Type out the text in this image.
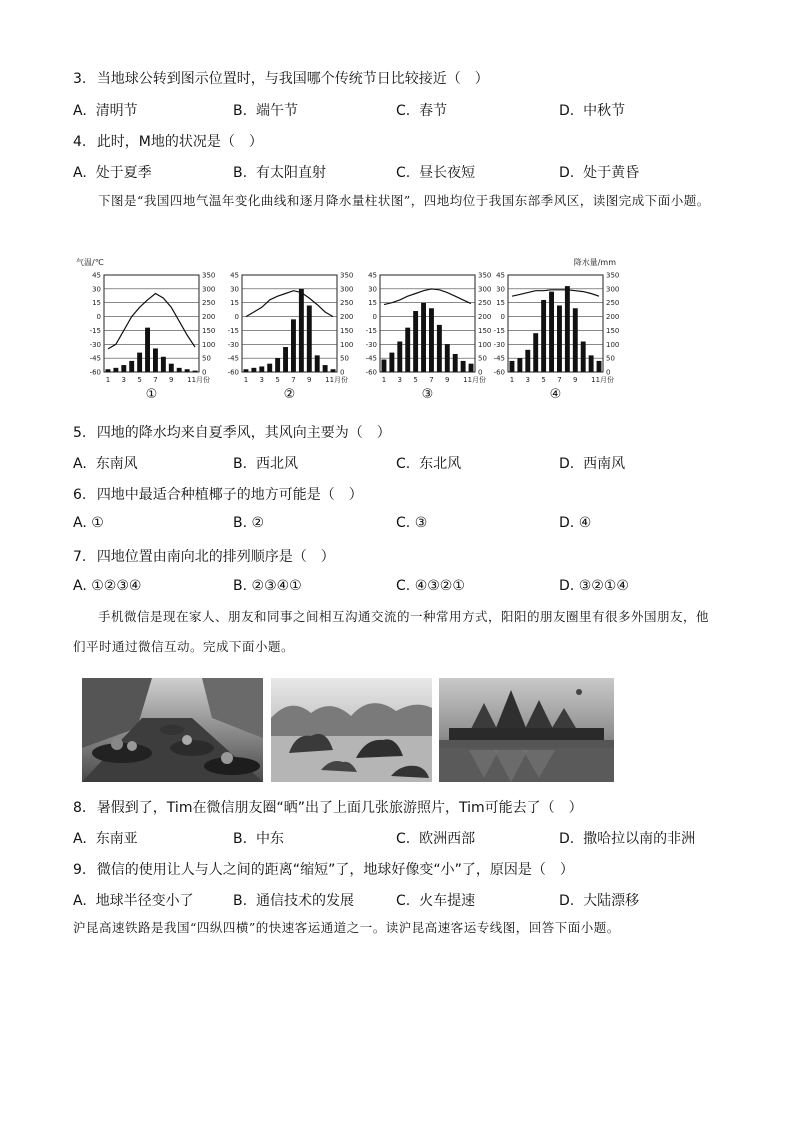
3. 当地球公转到图示位置时，与我国哪个传统节日比较接近（　）
A. 清明节	B. 端午节	C. 春节	D. 中秋节
4. 此时，M地的状况是（　）
A. 处于夏季	B. 有太阳直射	C. 昼长夜短	D. 处于黄昏
下图是“我国四地气温年变化曲线和逐月降水量柱状图”，四地均位于我国东部季风区，读图完成下面小题。
气温/℃	降水量/mm
45
30
15
0
-15
-30
-45
-60
350
300
250
200
150
100
50
0
1 3 5 7 9 11月份
①
45
30
15
0
-15
-30
-45
-60
350
300
250
200
150
100
50
0
1 3 5 7 9 11月份
②
45
30
15
0
-15
-30
-45
-60
350
300
250
200
150
100
50
0
1 3 5 7 9 11月份
③
45
30
15
0
-15
-30
-45
-60
350
300
250
200
150
100
50
0
1 3 5 7 9 11月份
④
5. 四地的降水均来自夏季风，其风向主要为（　）
A. 东南风	B. 西北风	C. 东北风	D. 西南风
6. 四地中最适合种植椰子的地方可能是（　）
A. ①	B. ②	C. ③	D. ④
7. 四地位置由南向北的排列顺序是（　）
A. ①②③④	B. ②③④①	C. ④③②①	D. ③②①④
手机微信是现在家人、朋友和同事之间相互沟通交流的一种常用方式，阳阳的朋友圈里有很多外国朋友，他们平时通过微信互动。完成下面小题。
8. 暑假到了，Tim在微信朋友圈“晒”出了上面几张旅游照片，Tim可能去了（　）
A. 东南亚	B. 中东	C. 欧洲西部	D. 撒哈拉以南的非洲
9. 微信的使用让人与人之间的距离“缩短”了，地球好像变“小”了，原因是（　）
A. 地球半径变小了	B. 通信技术的发展	C. 火车提速	D. 大陆漂移
沪昆高速铁路是我国“四纵四横”的快速客运通道之一。读沪昆高速客运专线图，回答下面小题。
